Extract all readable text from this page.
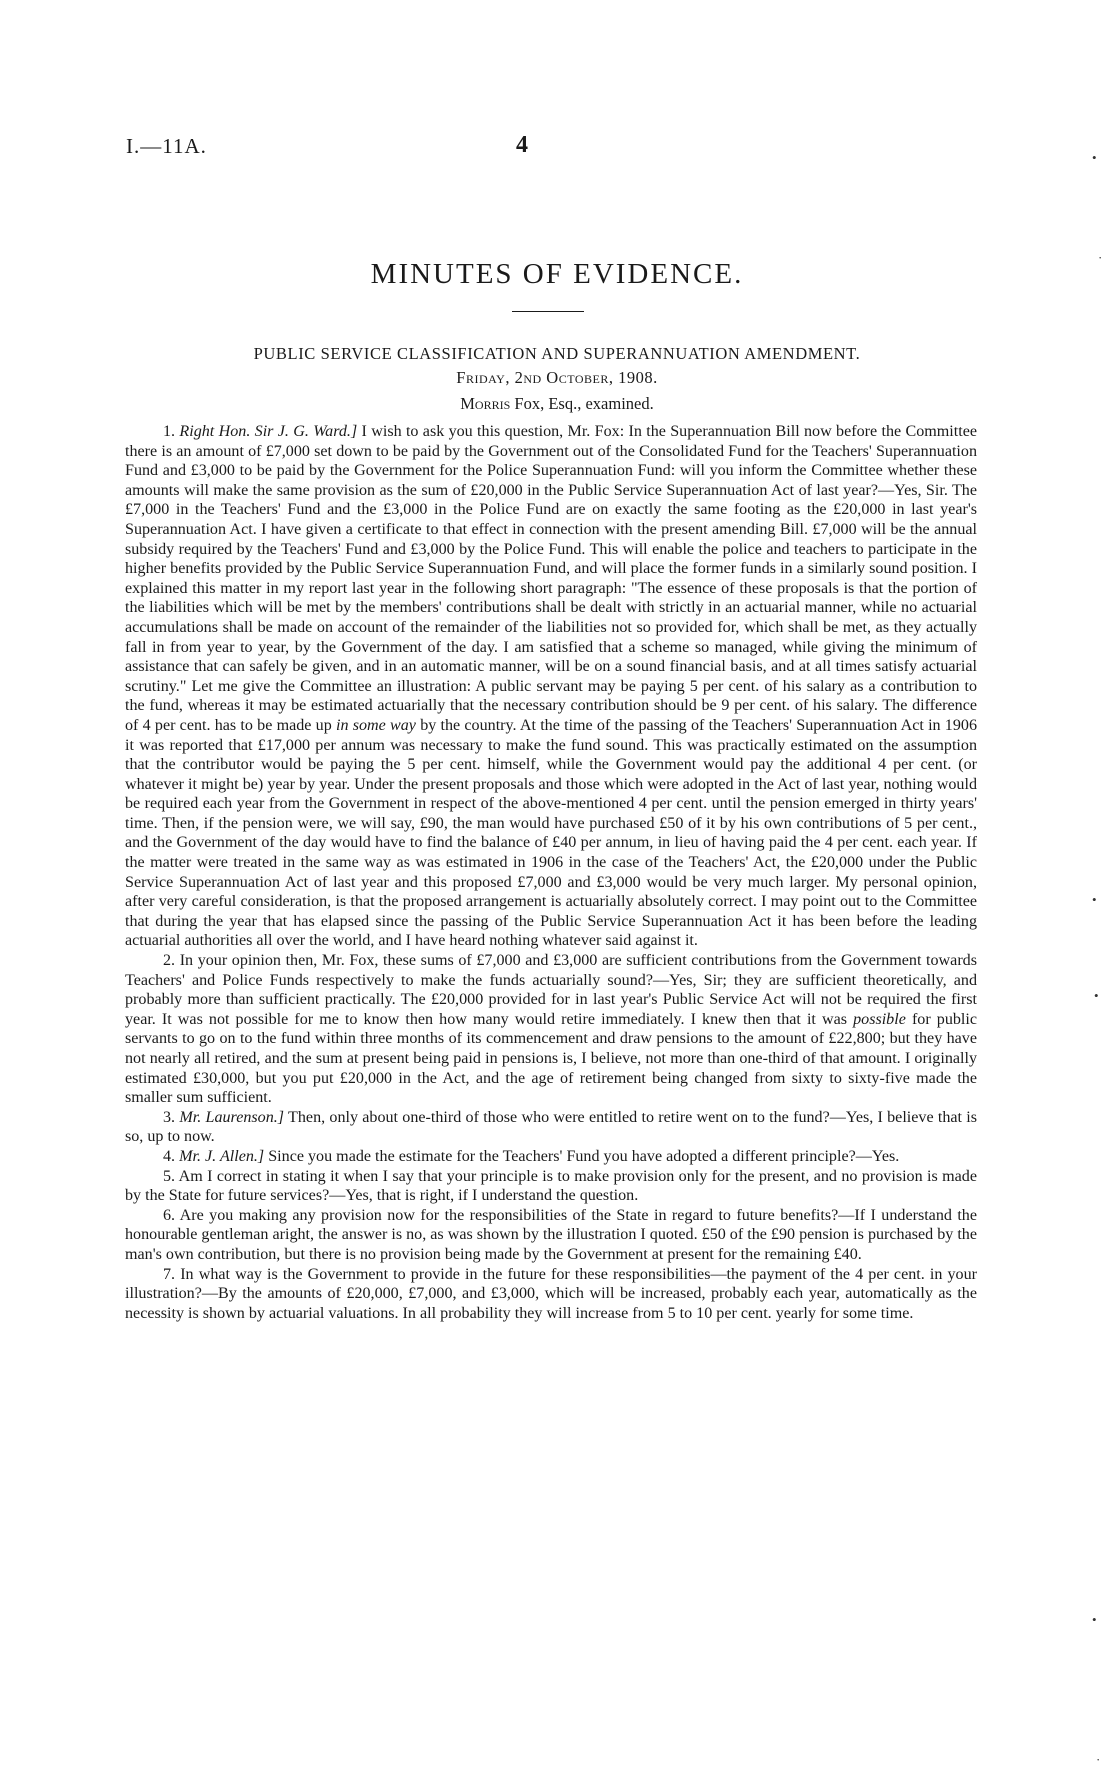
I.—11A.	4
MINUTES OF EVIDENCE.
PUBLIC SERVICE CLASSIFICATION AND SUPERANNUATION AMENDMENT.
Friday, 2nd October, 1908.
Morris Fox, Esq., examined.

1. Right Hon. Sir J. G. Ward.] I wish to ask you this question, Mr. Fox: In the Superannuation Bill now before the Committee there is an amount of £7,000 set down to be paid by the Government out of the Consolidated Fund for the Teachers' Superannuation Fund and £3,000 to be paid by the Government for the Police Superannuation Fund: will you inform the Committee whether these amounts will make the same provision as the sum of £20,000 in the Public Service Superannuation Act of last year?—Yes, Sir. The £7,000 in the Teachers' Fund and the £3,000 in the Police Fund are on exactly the same footing as the £20,000 in last year's Superannuation Act. I have given a certificate to that effect in connection with the present amending Bill. £7,000 will be the annual subsidy required by the Teachers' Fund and £3,000 by the Police Fund. This will enable the police and teachers to participate in the higher benefits provided by the Public Service Superannuation Fund, and will place the former funds in a similarly sound position. I explained this matter in my report last year in the following short paragraph: "The essence of these proposals is that the portion of the liabilities which will be met by the members' contributions shall be dealt with strictly in an actuarial manner, while no actuarial accumulations shall be made on account of the remainder of the liabilities not so provided for, which shall be met, as they actually fall in from year to year, by the Government of the day. I am satisfied that a scheme so managed, while giving the minimum of assistance that can safely be given, and in an automatic manner, will be on a sound financial basis, and at all times satisfy actuarial scrutiny." Let me give the Committee an illustration: A public servant may be paying 5 per cent. of his salary as a contribution to the fund, whereas it may be estimated actuarially that the necessary contribution should be 9 per cent. of his salary. The difference of 4 per cent. has to be made up in some way by the country. At the time of the passing of the Teachers' Superannuation Act in 1906 it was reported that £17,000 per annum was necessary to make the fund sound. This was practically estimated on the assumption that the contributor would be paying the 5 per cent. himself, while the Government would pay the additional 4 per cent. (or whatever it might be) year by year. Under the present proposals and those which were adopted in the Act of last year, nothing would be required each year from the Government in respect of the above-mentioned 4 per cent. until the pension emerged in thirty years' time. Then, if the pension were, we will say, £90, the man would have purchased £50 of it by his own contributions of 5 per cent., and the Government of the day would have to find the balance of £40 per annum, in lieu of having paid the 4 per cent. each year. If the matter were treated in the same way as was estimated in 1906 in the case of the Teachers' Act, the £20,000 under the Public Service Superannuation Act of last year and this proposed £7,000 and £3,000 would be very much larger. My personal opinion, after very careful consideration, is that the proposed arrangement is actuarially absolutely correct. I may point out to the Committee that during the year that has elapsed since the passing of the Public Service Superannuation Act it has been before the leading actuarial authorities all over the world, and I have heard nothing whatever said against it.

2. In your opinion then, Mr. Fox, these sums of £7,000 and £3,000 are sufficient contributions from the Government towards Teachers' and Police Funds respectively to make the funds actuarially sound?—Yes, Sir; they are sufficient theoretically, and probably more than sufficient practically. The £20,000 provided for in last year's Public Service Act will not be required the first year. It was not possible for me to know then how many would retire immediately. I knew then that it was possible for public servants to go on to the fund within three months of its commencement and draw pensions to the amount of £22,800; but they have not nearly all retired, and the sum at present being paid in pensions is, I believe, not more than one-third of that amount. I originally estimated £30,000, but you put £20,000 in the Act, and the age of retirement being changed from sixty to sixty-five made the smaller sum sufficient.

3. Mr. Laurenson.] Then, only about one-third of those who were entitled to retire went on to the fund?—Yes, I believe that is so, up to now.

4. Mr. J. Allen.] Since you made the estimate for the Teachers' Fund you have adopted a different principle?—Yes.

5. Am I correct in stating it when I say that your principle is to make provision only for the present, and no provision is made by the State for future services?—Yes, that is right, if I understand the question.

6. Are you making any provision now for the responsibilities of the State in regard to future benefits?—If I understand the honourable gentleman aright, the answer is no, as was shown by the illustration I quoted. £50 of the £90 pension is purchased by the man's own contribution, but there is no provision being made by the Government at present for the remaining £40.

7. In what way is the Government to provide in the future for these responsibilities—the payment of the 4 per cent. in your illustration?—By the amounts of £20,000, £7,000, and £3,000, which will be increased, probably each year, automatically as the necessity is shown by actuarial valuations. In all probability they will increase from 5 to 10 per cent. yearly for some time.

•
·
•
•
•
·
